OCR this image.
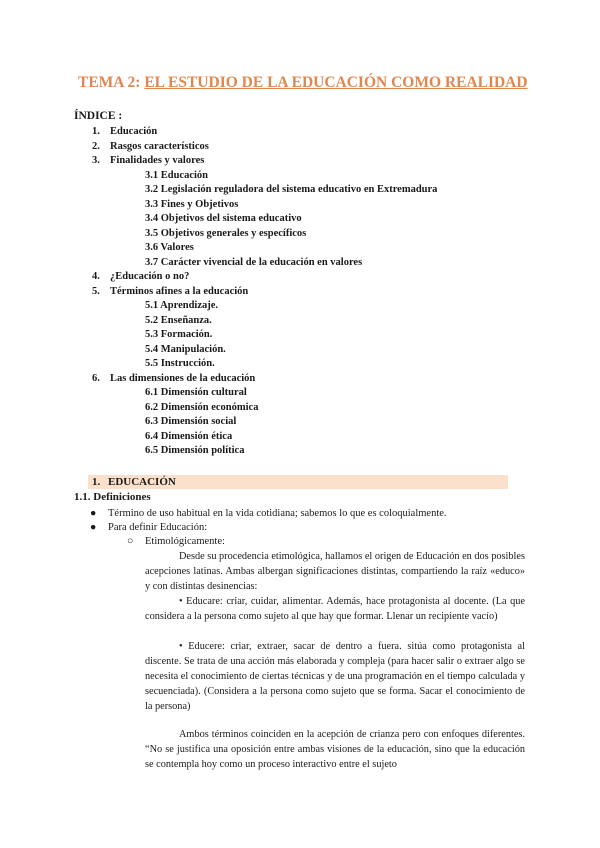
TEMA 2: EL ESTUDIO DE LA EDUCACIÓN COMO REALIDAD
ÍNDICE :
1. Educación
2. Rasgos característicos
3. Finalidades y valores
3.1 Educación
3.2 Legislación reguladora del sistema educativo en Extremadura
3.3 Fines y Objetivos
3.4 Objetivos del sistema educativo
3.5 Objetivos generales y específicos
3.6 Valores
3.7 Carácter vivencial de la educación en valores
4. ¿Educación o no?
5. Términos afines a la educación
5.1 Aprendizaje.
5.2 Enseñanza.
5.3 Formación.
5.4 Manipulación.
5.5 Instrucción.
6. Las dimensiones de la educación
6.1 Dimensión cultural
6.2 Dimensión económica
6.3 Dimensión social
6.4 Dimensión ética
6.5 Dimensión política
1. EDUCACIÓN
1.1. Definiciones
● Término de uso habitual en la vida cotidiana; sabemos lo que es coloquialmente.
● Para definir Educación:
○ Etimológicamente:
Desde su procedencia etimológica, hallamos el origen de Educación en dos posibles acepciones latinas. Ambas albergan significaciones distintas, compartiendo la raíz «educo» y con distintas desinencias:
• Educare: criar, cuidar, alimentar. Además, hace protagonista al docente. (La que considera a la persona como sujeto al que hay que formar. Llenar un recipiente vacío)
• Educere: criar, extraer, sacar de dentro a fuera. sitúa como protagonista al discente. Se trata de una acción más elaborada y compleja (para hacer salir o extraer algo se necesita el conocimiento de ciertas técnicas y de una programación en el tiempo calculada y secuenciada). (Considera a la persona como sujeto que se forma. Sacar el conocimiento de la persona)
Ambos términos coinciden en la acepción de crianza pero con enfoques diferentes. “No se justifica una oposición entre ambas visiones de la educación, sino que la educación se contempla hoy como un proceso interactivo entre el sujeto
